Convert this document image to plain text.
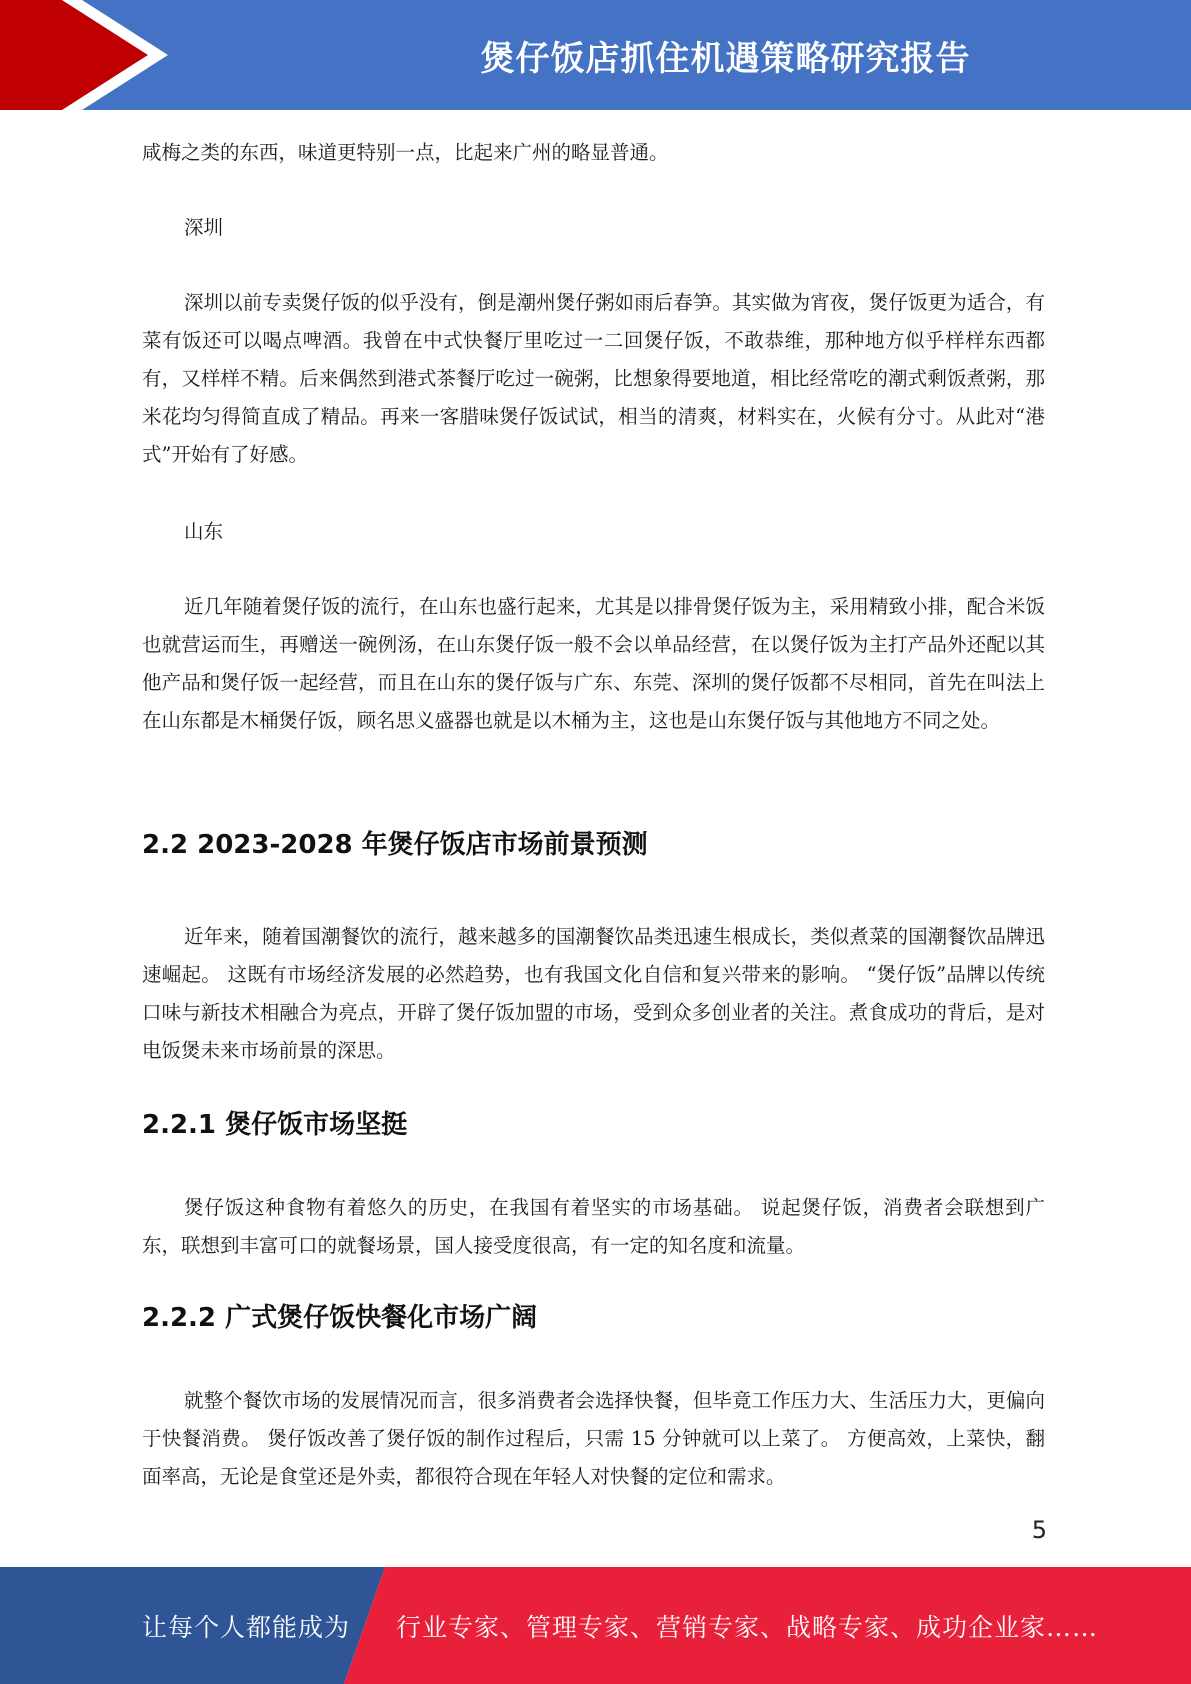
煲仔饭店抓住机遇策略研究报告

咸梅之类的东西，味道更特别一点，比起来广州的略显普通。

深圳

深圳以前专卖煲仔饭的似乎没有，倒是潮州煲仔粥如雨后春笋。其实做为宵夜，煲仔饭更为适合，有菜有饭还可以喝点啤酒。我曾在中式快餐厅里吃过一二回煲仔饭，不敢恭维，那种地方似乎样样东西都有，又样样不精。后来偶然到港式茶餐厅吃过一碗粥，比想象得要地道，相比经常吃的潮式剩饭煮粥，那米花均匀得简直成了精品。再来一客腊味煲仔饭试试，相当的清爽，材料实在，火候有分寸。从此对“港式”开始有了好感。

山东

近几年随着煲仔饭的流行，在山东也盛行起来，尤其是以排骨煲仔饭为主，采用精致小排，配合米饭也就营运而生，再赠送一碗例汤，在山东煲仔饭一般不会以单品经营，在以煲仔饭为主打产品外还配以其他产品和煲仔饭一起经营，而且在山东的煲仔饭与广东、东莞、深圳的煲仔饭都不尽相同，首先在叫法上在山东都是木桶煲仔饭，顾名思义盛器也就是以木桶为主，这也是山东煲仔饭与其他地方不同之处。

2.2 2023-2028 年煲仔饭店市场前景预测

近年来，随着国潮餐饮的流行，越来越多的国潮餐饮品类迅速生根成长，类似煮菜的国潮餐饮品牌迅速崛起。 这既有市场经济发展的必然趋势，也有我国文化自信和复兴带来的影响。 “煲仔饭”品牌以传统口味与新技术相融合为亮点，开辟了煲仔饭加盟的市场，受到众多创业者的关注。煮食成功的背后，是对电饭煲未来市场前景的深思。

2.2.1 煲仔饭市场坚挺

煲仔饭这种食物有着悠久的历史，在我国有着坚实的市场基础。 说起煲仔饭，消费者会联想到广东，联想到丰富可口的就餐场景，国人接受度很高，有一定的知名度和流量。

2.2.2 广式煲仔饭快餐化市场广阔

就整个餐饮市场的发展情况而言，很多消费者会选择快餐，但毕竟工作压力大、生活压力大，更偏向于快餐消费。 煲仔饭改善了煲仔饭的制作过程后，只需 15 分钟就可以上菜了。 方便高效，上菜快，翻面率高，无论是食堂还是外卖，都很符合现在年轻人对快餐的定位和需求。

5
让每个人都能成为 行业专家、管理专家、营销专家、战略专家、成功企业家……
